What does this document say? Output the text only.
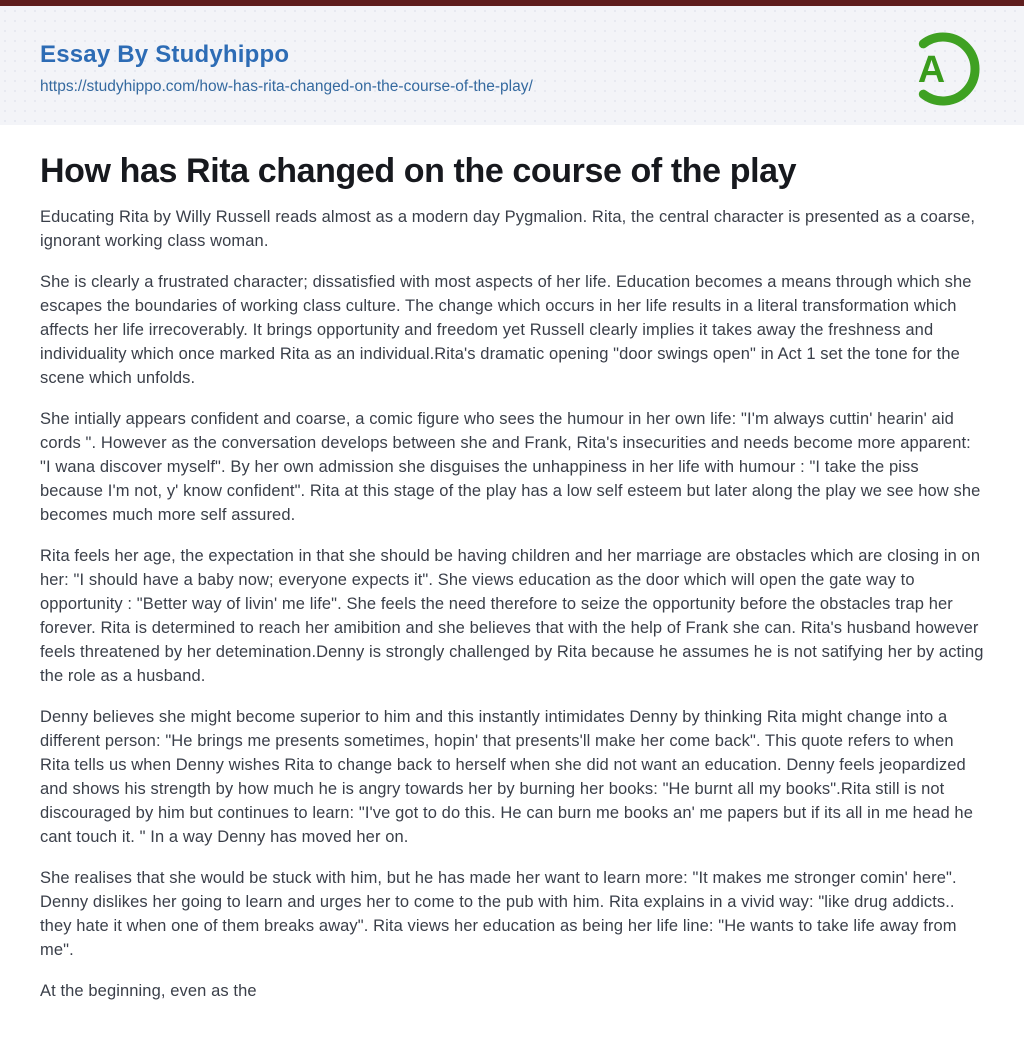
Essay By Studyhippo
https://studyhippo.com/how-has-rita-changed-on-the-course-of-the-play/	A
How has Rita changed on the course of the play

Educating Rita by Willy Russell reads almost as a modern day Pygmalion. Rita, the central character is presented as a coarse, ignorant working class woman.

She is clearly a frustrated character; dissatisfied with most aspects of her life. Education becomes a means through which she escapes the boundaries of working class culture. The change which occurs in her life results in a literal transformation which affects her life irrecoverably. It brings opportunity and freedom yet Russell clearly implies it takes away the freshness and individuality which once marked Rita as an individual.Rita's dramatic opening "door swings open" in Act 1 set the tone for the scene which unfolds.

She intially appears confident and coarse, a comic figure who sees the humour in her own life: "I'm always cuttin' hearin' aid cords ". However as the conversation develops between she and Frank, Rita's insecurities and needs become more apparent: "I wana discover myself". By her own admission she disguises the unhappiness in her life with humour : "I take the piss because I'm not, y' know confident". Rita at this stage of the play has a low self esteem but later along the play we see how she becomes much more self assured.

Rita feels her age, the expectation in that she should be having children and her marriage are obstacles which are closing in on her: "I should have a baby now; everyone expects it". She views education as the door which will open the gate way to opportunity : "Better way of livin' me life". She feels the need therefore to seize the opportunity before the obstacles trap her forever. Rita is determined to reach her amibition and she believes that with the help of Frank she can. Rita's husband however feels threatened by her detemination.Denny is strongly challenged by Rita because he assumes he is not satifying her by acting the role as a husband.

Denny believes she might become superior to him and this instantly intimidates Denny by thinking Rita might change into a different person: "He brings me presents sometimes, hopin' that presents'll make her come back". This quote refers to when Rita tells us when Denny wishes Rita to change back to herself when she did not want an education. Denny feels jeopardized and shows his strength by how much he is angry towards her by burning her books: "He burnt all my books".Rita still is not discouraged by him but continues to learn: "I've got to do this. He can burn me books an' me papers but if its all in me head he cant touch it. " In a way Denny has moved her on.

She realises that she would be stuck with him, but he has made her want to learn more: "It makes me stronger comin' here". Denny dislikes her going to learn and urges her to come to the pub with him. Rita explains in a vivid way: "like drug addicts.. they hate it when one of them breaks away". Rita views her education as being her life line: "He wants to take life away from me".

At the beginning, even as the
